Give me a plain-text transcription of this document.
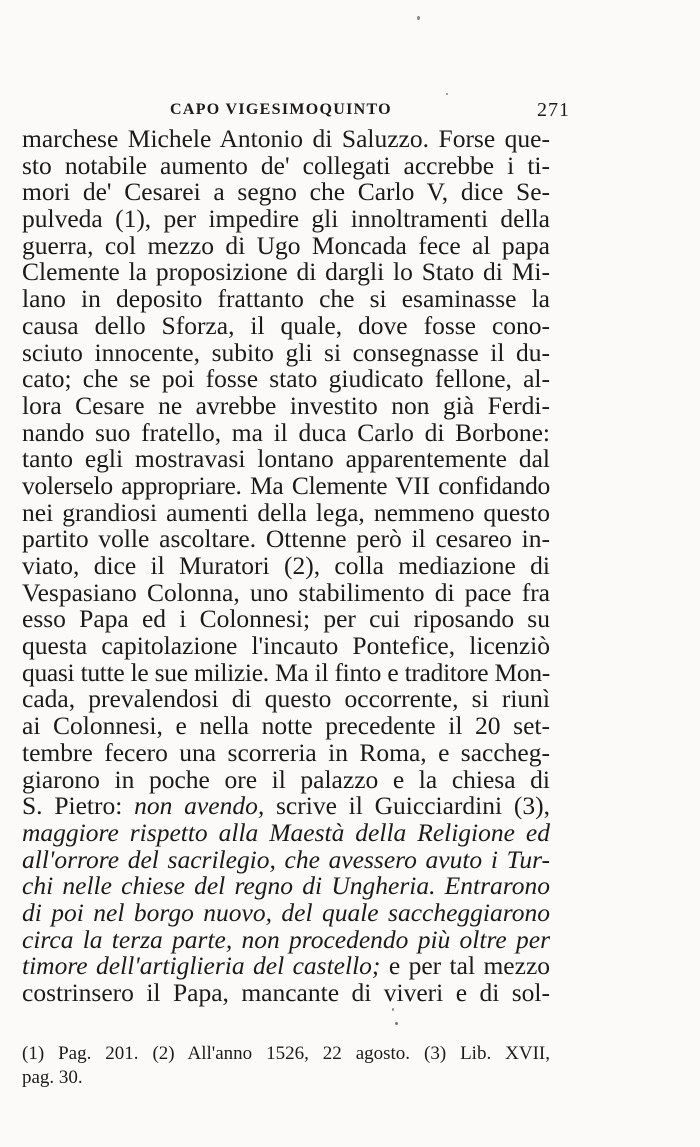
CAPO VIGESIMOQUINTO	271
marchese Michele Antonio di Saluzzo. Forse que-
sto notabile aumento de' collegati accrebbe i ti-
mori de' Cesarei a segno che Carlo V, dice Se-
pulveda (1), per impedire gli innoltramenti della
guerra, col mezzo di Ugo Moncada fece al papa
Clemente la proposizione di dargli lo Stato di Mi-
lano in deposito frattanto che si esaminasse la
causa dello Sforza, il quale, dove fosse cono-
sciuto innocente, subito gli si consegnasse il du-
cato; che se poi fosse stato giudicato fellone, al-
lora Cesare ne avrebbe investito non già Ferdi-
nando suo fratello, ma il duca Carlo di Borbone:
tanto egli mostravasi lontano apparentemente dal
volerselo appropriare. Ma Clemente VII confidando
nei grandiosi aumenti della lega, nemmeno questo
partito volle ascoltare. Ottenne però il cesareo in-
viato, dice il Muratori (2), colla mediazione di
Vespasiano Colonna, uno stabilimento di pace fra
esso Papa ed i Colonnesi; per cui riposando su
questa capitolazione l'incauto Pontefice, licenziò
quasi tutte le sue milizie. Ma il finto e traditore Mon-
cada, prevalendosi di questo occorrente, si riunì
ai Colonnesi, e nella notte precedente il 20 set-
tembre fecero una scorreria in Roma, e saccheg-
giarono in poche ore il palazzo e la chiesa di
S. Pietro: non avendo, scrive il Guicciardini (3),
maggiore rispetto alla Maestà della Religione ed
all'orrore del sacrilegio, che avessero avuto i Tur-
chi nelle chiese del regno di Ungheria. Entrarono
di poi nel borgo nuovo, del quale saccheggiarono
circa la terza parte, non procedendo più oltre per
timore dell'artiglieria del castello; e per tal mezzo
costrinsero il Papa, mancante di viveri e di sol-
(1) Pag. 201. (2) All'anno 1526, 22 agosto. (3) Lib. XVII,
pag. 30.
